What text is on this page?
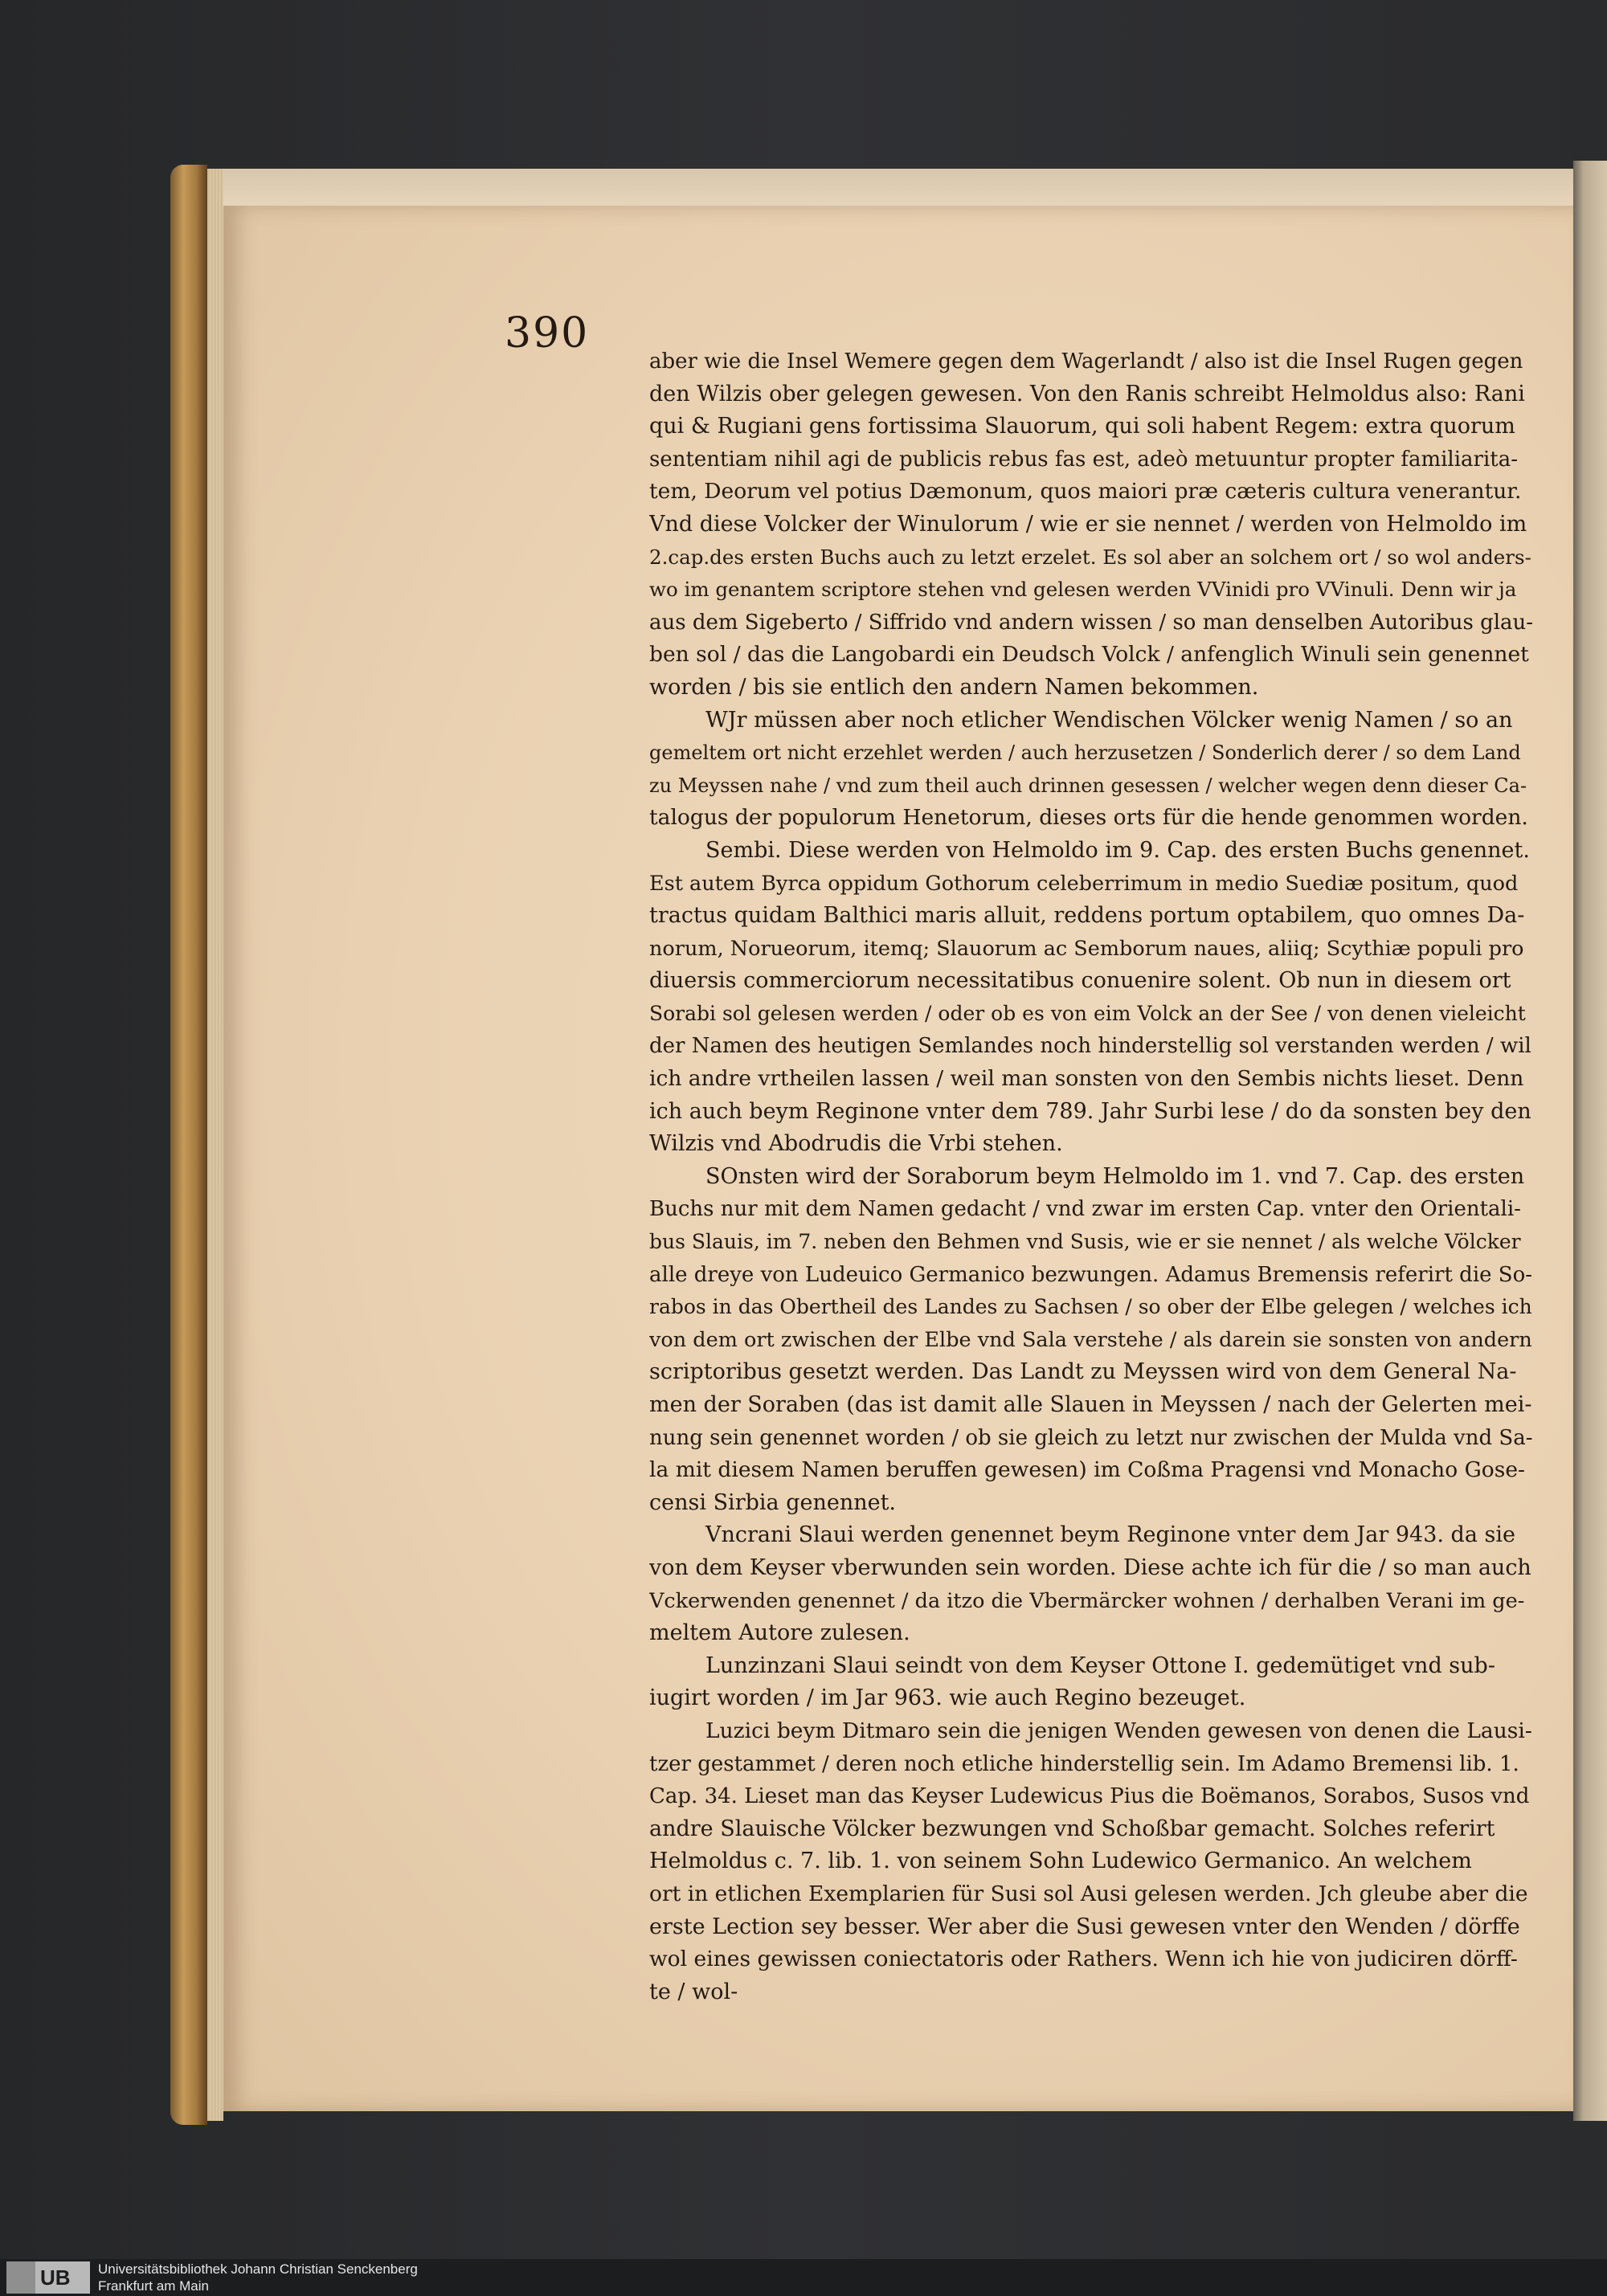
390
aber wie die Insel Wemere gegen dem Wagerlandt / also ist die Insel Rugen gegen
den Wilzis ober gelegen gewesen. Von den Ranis schreibt Helmoldus also: Rani
qui & Rugiani gens fortissima Slauorum, qui soli habent Regem: extra quorum
sententiam nihil agi de publicis rebus fas est, adeò metuuntur propter familiarita-
tem, Deorum vel potius Dæmonum, quos maiori præ cæteris cultura venerantur.
Vnd diese Volcker der Winulorum / wie er sie nennet / werden von Helmoldo im
2.cap.des ersten Buchs auch zu letzt erzelet. Es sol aber an solchem ort / so wol anders-
wo im genantem scriptore stehen vnd gelesen werden VVinidi pro VVinuli. Denn wir ja
aus dem Sigeberto / Siffrido vnd andern wissen / so man denselben Autoribus glau-
ben sol / das die Langobardi ein Deudsch Volck / anfenglich Winuli sein genennet
worden / bis sie entlich den andern Namen bekommen.
WJr müssen aber noch etlicher Wendischen Völcker wenig Namen / so an
gemeltem ort nicht erzehlet werden / auch herzusetzen / Sonderlich derer / so dem Land
zu Meyssen nahe / vnd zum theil auch drinnen gesessen / welcher wegen denn dieser Ca-
talogus der populorum Henetorum, dieses orts für die hende genommen worden.
Sembi. Diese werden von Helmoldo im 9. Cap. des ersten Buchs genennet.
Est autem Byrca oppidum Gothorum celeberrimum in medio Suediæ positum, quod
tractus quidam Balthici maris alluit, reddens portum optabilem, quo omnes Da-
norum, Norueorum, itemq; Slauorum ac Semborum naues, aliiq; Scythiæ populi pro
diuersis commerciorum necessitatibus conuenire solent. Ob nun in diesem ort
Sorabi sol gelesen werden / oder ob es von eim Volck an der See / von denen vieleicht
der Namen des heutigen Semlandes noch hinderstellig sol verstanden werden / wil
ich andre vrtheilen lassen / weil man sonsten von den Sembis nichts lieset. Denn
ich auch beym Reginone vnter dem 789. Jahr Surbi lese / do da sonsten bey den
Wilzis vnd Abodrudis die Vrbi stehen.
SOnsten wird der Soraborum beym Helmoldo im 1. vnd 7. Cap. des ersten
Buchs nur mit dem Namen gedacht / vnd zwar im ersten Cap. vnter den Orientali-
bus Slauis, im 7. neben den Behmen vnd Susis, wie er sie nennet / als welche Völcker
alle dreye von Ludeuico Germanico bezwungen. Adamus Bremensis referirt die So-
rabos in das Obertheil des Landes zu Sachsen / so ober der Elbe gelegen / welches ich
von dem ort zwischen der Elbe vnd Sala verstehe / als darein sie sonsten von andern
scriptoribus gesetzt werden. Das Landt zu Meyssen wird von dem General Na-
men der Soraben (das ist damit alle Slauen in Meyssen / nach der Gelerten mei-
nung sein genennet worden / ob sie gleich zu letzt nur zwischen der Mulda vnd Sa-
la mit diesem Namen beruffen gewesen) im Coßma Pragensi vnd Monacho Gose-
censi Sirbia genennet.
Vncrani Slaui werden genennet beym Reginone vnter dem Jar 943. da sie
von dem Keyser vberwunden sein worden. Diese achte ich für die / so man auch
Vckerwenden genennet / da itzo die Vbermärcker wohnen / derhalben Verani im ge-
meltem Autore zulesen.
Lunzinzani Slaui seindt von dem Keyser Ottone I. gedemütiget vnd sub-
iugirt worden / im Jar 963. wie auch Regino bezeuget.
Luzici beym Ditmaro sein die jenigen Wenden gewesen von denen die Lausi-
tzer gestammet / deren noch etliche hinderstellig sein. Im Adamo Bremensi lib. 1.
Cap. 34. Lieset man das Keyser Ludewicus Pius die Boëmanos, Sorabos, Susos vnd
andre Slauische Völcker bezwungen vnd Schoßbar gemacht. Solches referirt
Helmoldus c. 7. lib. 1. von seinem Sohn Ludewico Germanico. An welchem
ort in etlichen Exemplarien für Susi sol Ausi gelesen werden. Jch gleube aber die
erste Lection sey besser. Wer aber die Susi gewesen vnter den Wenden / dörffe
wol eines gewissen coniectatoris oder Rathers. Wenn ich hie von judiciren dörff-
te / wol-
UB Universitätsbibliothek Johann Christian Senckenberg
Frankfurt am Main
